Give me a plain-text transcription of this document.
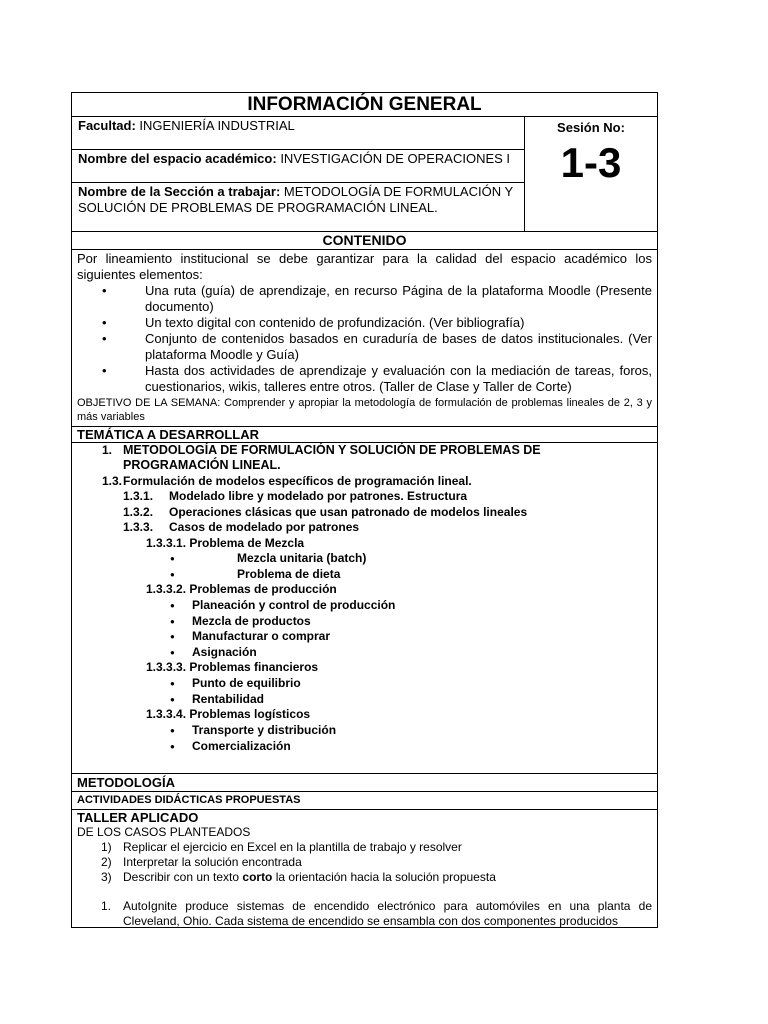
INFORMACIÓN GENERAL
Facultad: INGENIERÍA INDUSTRIAL
Nombre del espacio académico: INVESTIGACIÓN DE OPERACIONES I
Nombre de la Sección a trabajar: METODOLOGÍA DE FORMULACIÓN Y SOLUCIÓN DE PROBLEMAS DE PROGRAMACIÓN LINEAL.
Sesión No:
1-3
CONTENIDO
Por lineamiento institucional se debe garantizar para la calidad del espacio académico los siguientes elementos:
•	Una ruta (guía) de aprendizaje, en recurso Página de la plataforma Moodle (Presente documento)
•	Un texto digital con contenido de profundización. (Ver bibliografía)
•	Conjunto de contenidos basados en curaduría de bases de datos institucionales. (Ver plataforma Moodle y Guía)
•	Hasta dos actividades de aprendizaje y evaluación con la mediación de tareas, foros, cuestionarios, wikis, talleres entre otros. (Taller de Clase y Taller de Corte)
OBJETIVO DE LA SEMANA: Comprender y apropiar la metodología de formulación de problemas lineales de 2, 3 y más variables
TEMÁTICA A DESARROLLAR
1. METODOLOGÍA DE FORMULACIÓN Y SOLUCIÓN DE PROBLEMAS DE
PROGRAMACIÓN LINEAL.
1.3. Formulación de modelos específicos de programación lineal.
1.3.1. Modelado libre y modelado por patrones. Estructura
1.3.2. Operaciones clásicas que usan patronado de modelos lineales
1.3.3. Casos de modelado por patrones
1.3.3.1. Problema de Mezcla
●	Mezcla unitaria (batch)
●	Problema de dieta
1.3.3.2. Problemas de producción
● Planeación y control de producción
● Mezcla de productos
● Manufacturar o comprar
● Asignación
1.3.3.3. Problemas financieros
● Punto de equilibrio
● Rentabilidad
1.3.3.4. Problemas logísticos
● Transporte y distribución
● Comercialización
METODOLOGÍA
ACTIVIDADES DIDÁCTICAS PROPUESTAS
TALLER APLICADO
DE LOS CASOS PLANTEADOS
1) Replicar el ejercicio en Excel en la plantilla de trabajo y resolver
2) Interpretar la solución encontrada
3) Describir con un texto corto la orientación hacia la solución propuesta
1. AutoIgnite produce sistemas de encendido electrónico para automóviles en una planta de Cleveland, Ohio. Cada sistema de encendido se ensambla con dos componentes producidos
